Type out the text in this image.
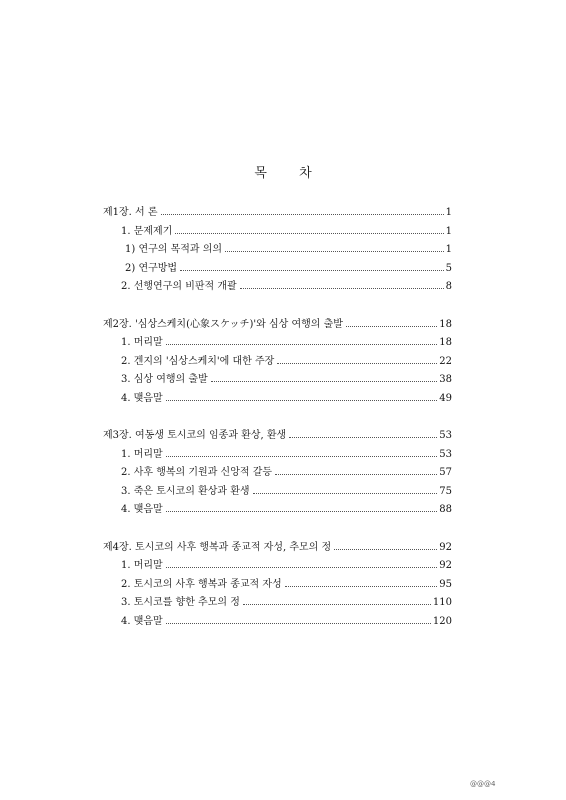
목 차
제1장. 서 론	1
1. 문제제기	1
1) 연구의 목적과 의의	1
2) 연구방법	5
2. 선행연구의 비판적 개괄	8
제2장. '심상스케치(心象スケッチ)'와 심상 여행의 출발	18
1. 머리말	18
2. 겐지의 '심상스케치'에 대한 주장	22
3. 심상 여행의 출발	38
4. 맺음말	49
제3장. 여동생 토시코의 임종과 환상, 환생	53
1. 머리말	53
2. 사후 행복의 기원과 신앙적 갈등	57
3. 죽은 토시코의 환상과 환생	75
4. 맺음말	88
제4장. 토시코의 사후 행복과 종교적 자성, 추모의 정	92
1. 머리말	92
2. 토시코의 사후 행복과 종교적 자성	95
3. 토시코를 향한 추모의 정	110
4. 맺음말	120
@@@4
